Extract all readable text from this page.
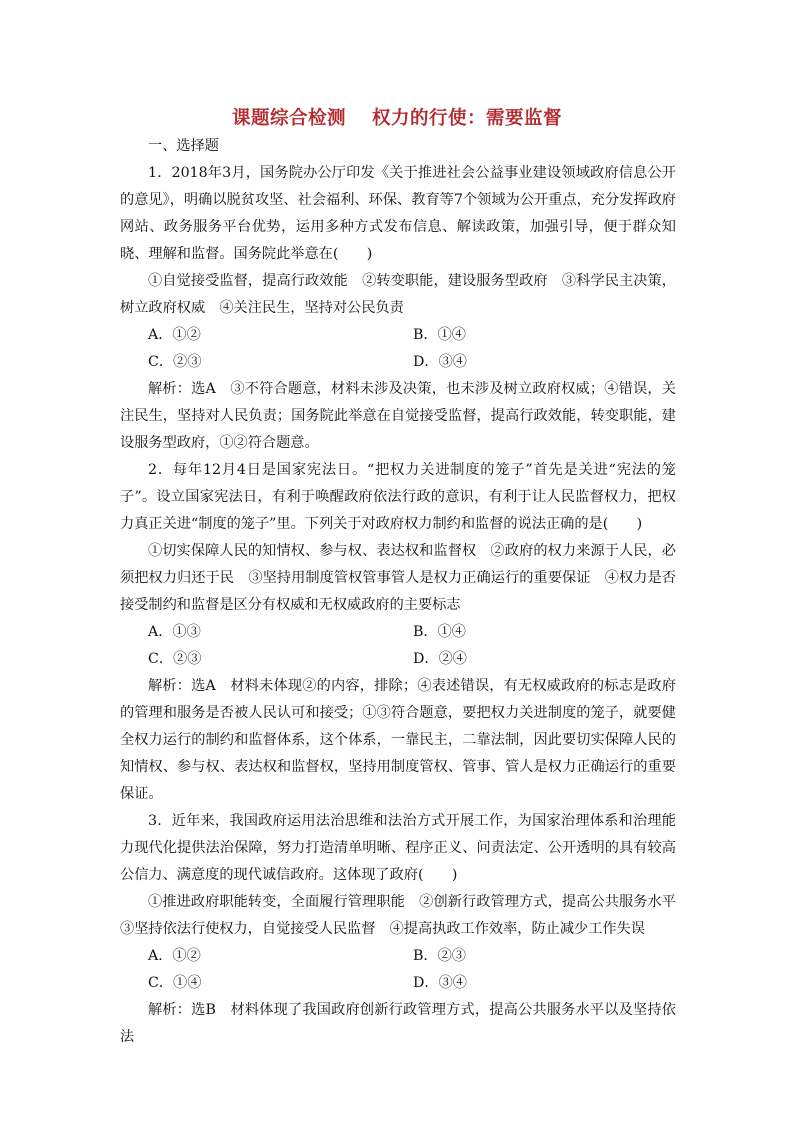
课题综合检测 权力的行使：需要监督

一、选择题

1．2018年3月，国务院办公厅印发《关于推进社会公益事业建设领域政府信息公开的意见》，明确以脱贫攻坚、社会福利、环保、教育等7个领域为公开重点，充分发挥政府网站、政务服务平台优势，运用多种方式发布信息、解读政策，加强引导，便于群众知晓、理解和监督。国务院此举意在(　　)

①自觉接受监督，提高行政效能　②转变职能，建设服务型政府　③科学民主决策，树立政府权威　④关注民生，坚持对公民负责

A．①②	B．①④
C．②③	D．③④

解析：选A　③不符合题意，材料未涉及决策，也未涉及树立政府权威；④错误，关注民生，坚持对人民负责；国务院此举意在自觉接受监督，提高行政效能，转变职能，建设服务型政府，①②符合题意。

2．每年12月4日是国家宪法日。“把权力关进制度的笼子”首先是关进“宪法的笼子”。设立国家宪法日，有利于唤醒政府依法行政的意识，有利于让人民监督权力，把权力真正关进“制度的笼子”里。下列关于对政府权力制约和监督的说法正确的是(　　)

①切实保障人民的知情权、参与权、表达权和监督权　②政府的权力来源于人民，必须把权力归还于民　③坚持用制度管权管事管人是权力正确运行的重要保证　④权力是否接受制约和监督是区分有权威和无权威政府的主要标志

A．①③	B．①④
C．②③	D．②④

解析：选A　材料未体现②的内容，排除；④表述错误，有无权威政府的标志是政府的管理和服务是否被人民认可和接受；①③符合题意，要把权力关进制度的笼子，就要健全权力运行的制约和监督体系，这个体系，一靠民主，二靠法制，因此要切实保障人民的知情权、参与权、表达权和监督权，坚持用制度管权、管事、管人是权力正确运行的重要保证。

3．近年来，我国政府运用法治思维和法治方式开展工作，为国家治理体系和治理能力现代化提供法治保障，努力打造清单明晰、程序正义、问责法定、公开透明的具有较高公信力、满意度的现代诚信政府。这体现了政府(　　)

①推进政府职能转变，全面履行管理职能　②创新行政管理方式，提高公共服务水平③坚持依法行使权力，自觉接受人民监督　④提高执政工作效率，防止减少工作失误

A．①②	B．②③
C．①④	D．③④

解析：选B　材料体现了我国政府创新行政管理方式，提高公共服务水平以及坚持依法
